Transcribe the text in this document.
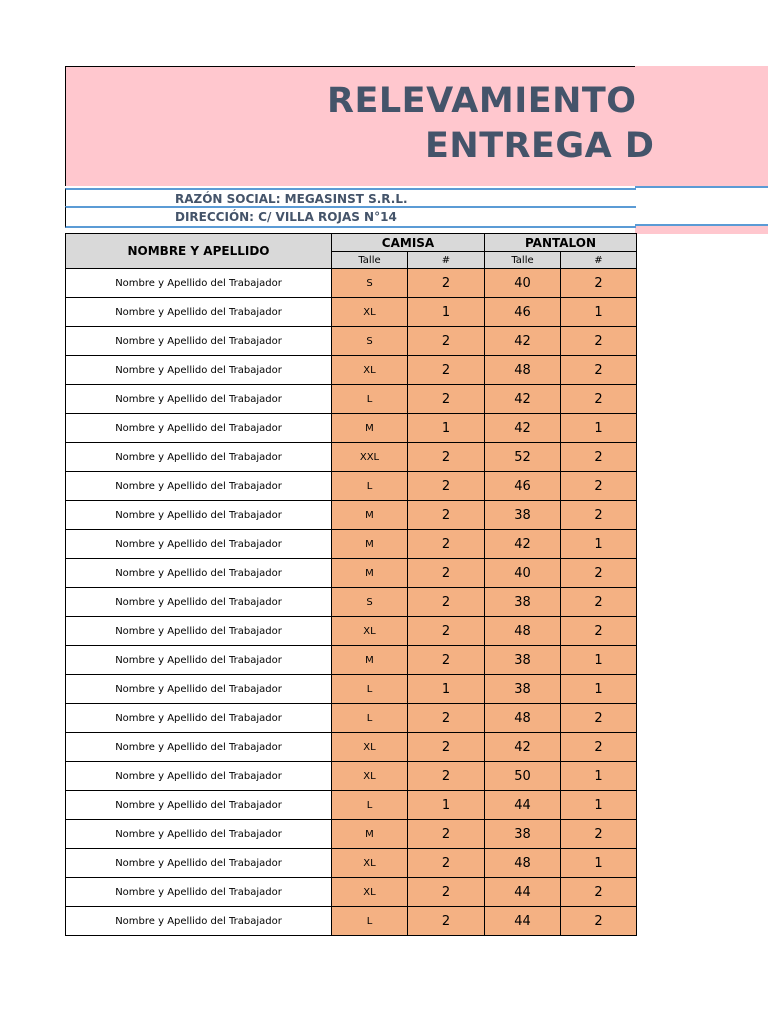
RELEVAMIENTO
ENTREGA D
RAZÓN SOCIAL: MEGASINST S.R.L.
DIRECCIÓN: C/ VILLA ROJAS N°14
NOMBRE Y APELLIDO	CAMISA		PANTALON	
	Talle	#	Talle	#
Nombre y Apellido del Trabajador	S	2	40	2
Nombre y Apellido del Trabajador	XL	1	46	1
Nombre y Apellido del Trabajador	S	2	42	2
Nombre y Apellido del Trabajador	XL	2	48	2
Nombre y Apellido del Trabajador	L	2	42	2
Nombre y Apellido del Trabajador	M	1	42	1
Nombre y Apellido del Trabajador	XXL	2	52	2
Nombre y Apellido del Trabajador	L	2	46	2
Nombre y Apellido del Trabajador	M	2	38	2
Nombre y Apellido del Trabajador	M	2	42	1
Nombre y Apellido del Trabajador	M	2	40	2
Nombre y Apellido del Trabajador	S	2	38	2
Nombre y Apellido del Trabajador	XL	2	48	2
Nombre y Apellido del Trabajador	M	2	38	1
Nombre y Apellido del Trabajador	L	1	38	1
Nombre y Apellido del Trabajador	L	2	48	2
Nombre y Apellido del Trabajador	XL	2	42	2
Nombre y Apellido del Trabajador	XL	2	50	1
Nombre y Apellido del Trabajador	L	1	44	1
Nombre y Apellido del Trabajador	M	2	38	2
Nombre y Apellido del Trabajador	XL	2	48	1
Nombre y Apellido del Trabajador	XL	2	44	2
Nombre y Apellido del Trabajador	L	2	44	2
